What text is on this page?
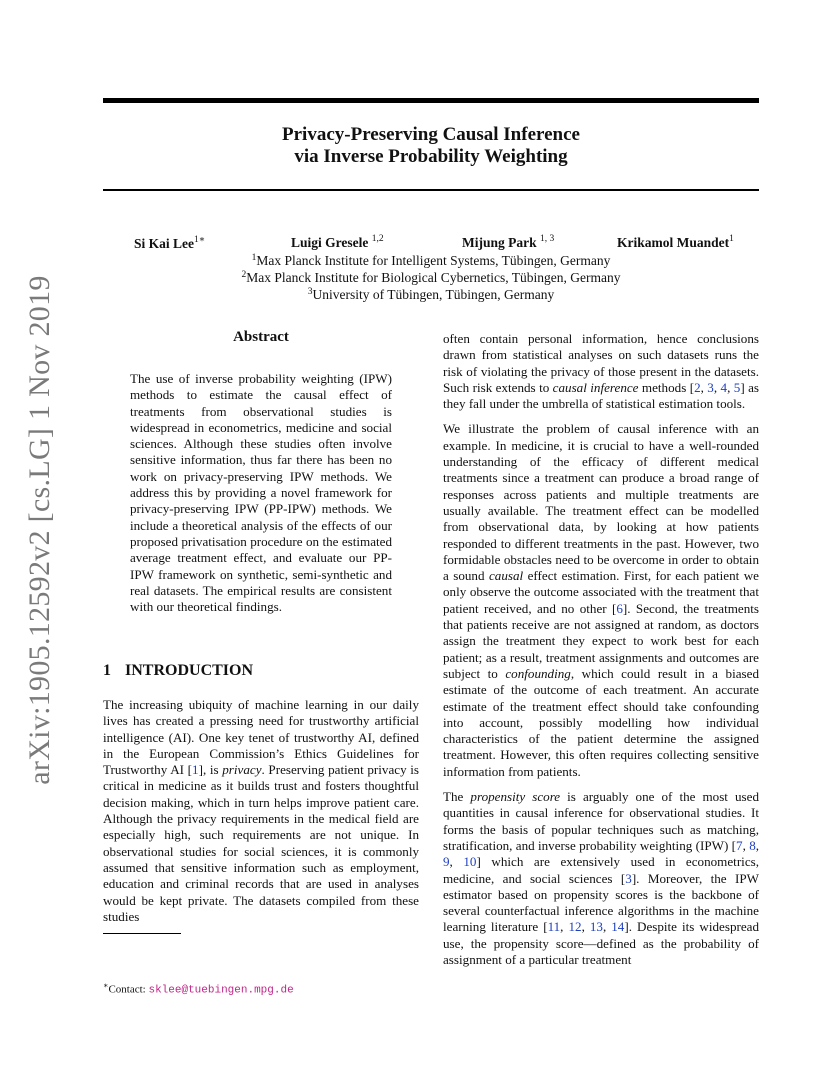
arXiv:1905.12592v2 [cs.LG] 1 Nov 2019
Privacy-Preserving Causal Inference
via Inverse Probability Weighting
Si Kai Lee$^{1∗}$	Luigi Gresele $^{1,2}$	Mijung Park $^{1, 3}$	Krikamol Muandet$^1$
$^1$Max Planck Institute for Intelligent Systems, Tübingen, Germany
$^2$Max Planck Institute for Biological Cybernetics, Tübingen, Germany
$^3$University of Tübingen, Tübingen, Germany
Abstract
The use of inverse probability weighting (IPW) methods to estimate the causal effect of treatments from observational studies is widespread in econometrics, medicine and social sciences. Although these studies often involve sensitive information, thus far there has been no work on privacy-preserving IPW methods. We address this by providing a novel framework for privacy-preserving IPW (PP-IPW) methods. We include a theoretical analysis of the effects of our proposed privatisation procedure on the estimated average treatment effect, and evaluate our PP-IPW framework on synthetic, semi-synthetic and real datasets. The empirical results are consistent with our theoretical findings.
1 INTRODUCTION

The increasing ubiquity of machine learning in our daily lives has created a pressing need for trustworthy artificial intelligence (AI). One key tenet of trustworthy AI, defined in the European Commission’s Ethics Guidelines for Trustworthy AI [1], is privacy. Preserving patient privacy is critical in medicine as it builds trust and fosters thoughtful decision making, which in turn helps improve patient care. Although the privacy requirements in the medical field are especially high, such requirements are not unique. In observational studies for social sciences, it is commonly assumed that sensitive information such as employment, education and criminal records that are used in analyses would be kept private. The datasets compiled from these studies

often contain personal information, hence conclusions drawn from statistical analyses on such datasets runs the risk of violating the privacy of those present in the datasets. Such risk extends to causal inference methods [2, 3, 4, 5] as they fall under the umbrella of statistical estimation tools.

We illustrate the problem of causal inference with an example. In medicine, it is crucial to have a well-rounded understanding of the efficacy of different medical treatments since a treatment can produce a broad range of responses across patients and multiple treatments are usually available. The treatment effect can be modelled from observational data, by looking at how patients responded to different treatments in the past. However, two formidable obstacles need to be overcome in order to obtain a sound causal effect estimation. First, for each patient we only observe the outcome associated with the treatment that patient received, and no other [6]. Second, the treatments that patients receive are not assigned at random, as doctors assign the treatment they expect to work best for each patient; as a result, treatment assignments and outcomes are subject to confounding, which could result in a biased estimate of the outcome of each treatment. An accurate estimate of the treatment effect should take confounding into account, possibly modelling how individual characteristics of the patient determine the assigned treatment. However, this often requires collecting sensitive information from patients.

The propensity score is arguably one of the most used quantities in causal inference for observational studies. It forms the basis of popular techniques such as matching, stratification, and inverse probability weighting (IPW) [7, 8, 9, 10] which are extensively used in econometrics, medicine, and social sciences [3]. Moreover, the IPW estimator based on propensity scores is the backbone of several counterfactual inference algorithms in the machine learning literature [11, 12, 13, 14]. Despite its widespread use, the propensity score—defined as the probability of assignment of a particular treatment

∗Contact: sklee@tuebingen.mpg.de
